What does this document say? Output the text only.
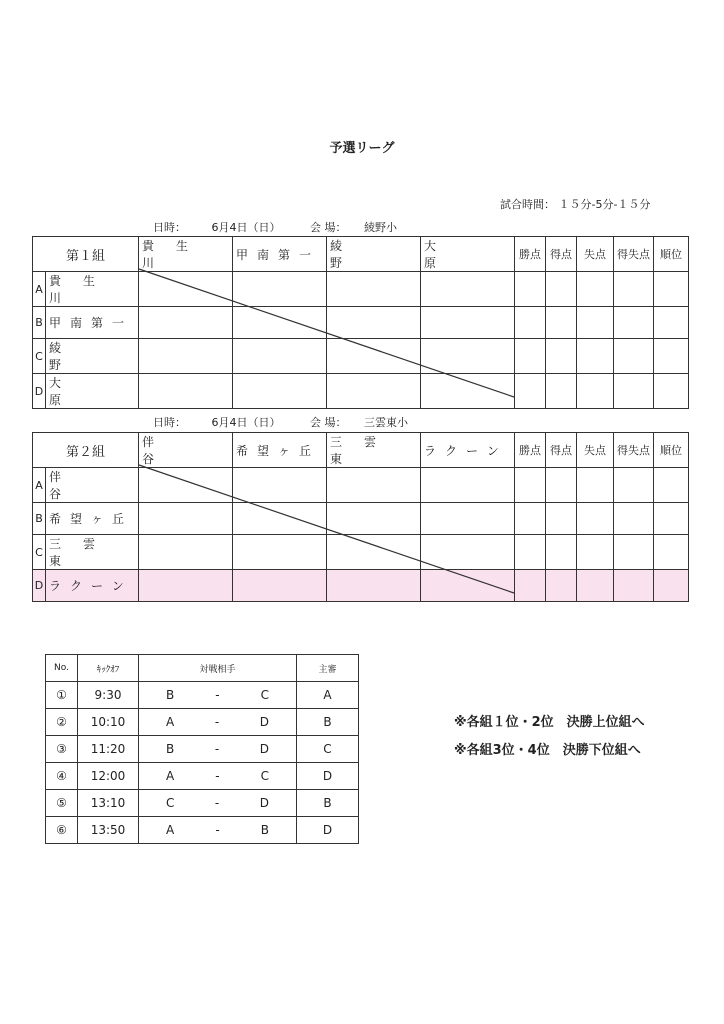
予選リーグ
試合時間： １５分-5分-１５分
日時： 6月4日（日）	会 場： 綾野小
第１組		貴生川	甲南第一	綾野	大原	勝点	得点	失点	得失点	順位
A	貴生川									
B	甲南第一									
C	綾野									
D	大原									
日時： 6月4日（日）	会 場： 三雲東小
第２組		伴谷	希望ヶ丘	三雲東	ラクーン	勝点	得点	失点	得失点	順位
A	伴谷									
B	希望ヶ丘									
C	三雲東									
D	ラクーン									
No.	ｷｯｸｵﾌ	対戦相手	主審
①	9:30	B - C	A
②	10:10	A - D	B
③	11:20	B - D	C
④	12:00	A - C	D
⑤	13:10	C - D	B
⑥	13:50	A - B	D
※各組１位・2位　決勝上位組へ
※各組3位・4位　決勝下位組へ
